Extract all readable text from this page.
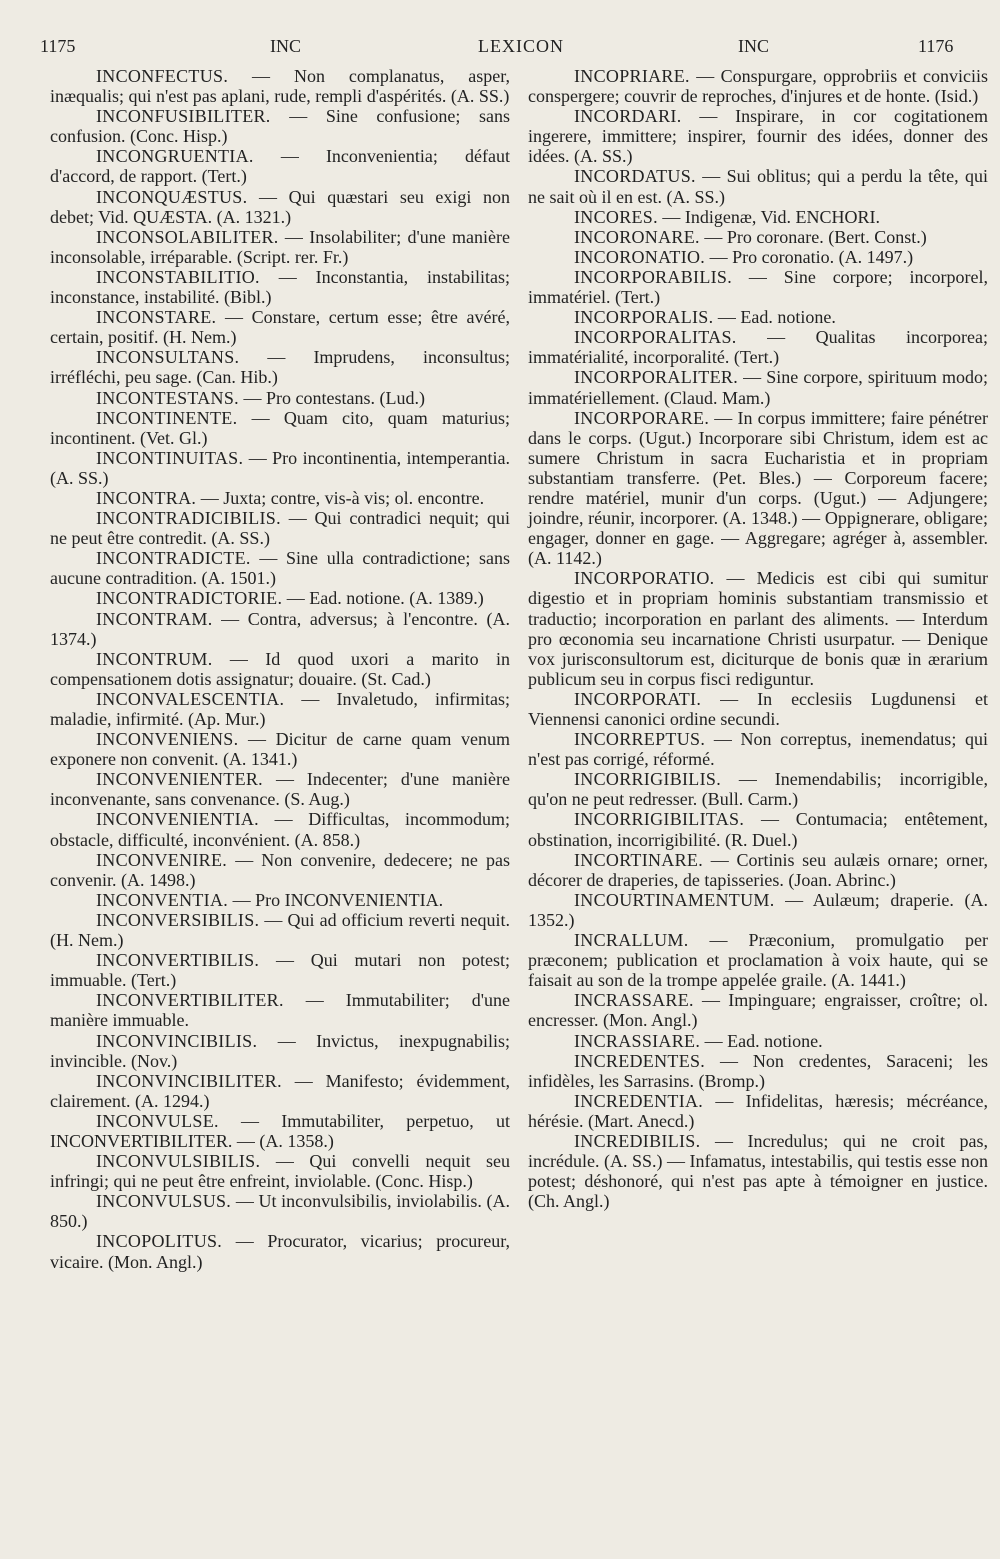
1175	INC	LEXICON	INC	1176

INCONFECTUS. — Non complanatus, asper, inæqualis; qui n'est pas aplani, rude, rempli d'aspérités. (A. SS.)

INCONFUSIBILITER. — Sine confusione; sans confusion. (Conc. Hisp.)

INCONGRUENTIA. — Inconvenientia; défaut d'accord, de rapport. (Tert.)

INCONQUÆSTUS. — Qui quæstari seu exigi non debet; Vid. QUÆSTA. (A. 1321.)

INCONSOLABILITER. — Insolabiliter; d'une manière inconsolable, irréparable. (Script. rer. Fr.)

INCONSTABILITIO. — Inconstantia, instabilitas; inconstance, instabilité. (Bibl.)

INCONSTARE. — Constare, certum esse; être avéré, certain, positif. (H. Nem.)

INCONSULTANS. — Imprudens, inconsultus; irréfléchi, peu sage. (Can. Hib.)

INCONTESTANS. — Pro contestans. (Lud.)

INCONTINENTE. — Quam cito, quam maturius; incontinent. (Vet. Gl.)

INCONTINUITAS. — Pro incontinentia, intemperantia. (A. SS.)

INCONTRA. — Juxta; contre, vis-à vis; ol. encontre.

INCONTRADICIBILIS. — Qui contradici nequit; qui ne peut être contredit. (A. SS.)

INCONTRADICTE. — Sine ulla contradictione; sans aucune contradition. (A. 1501.)

INCONTRADICTORIE. — Ead. notione. (A. 1389.)

INCONTRAM. — Contra, adversus; à l'encontre. (A. 1374.)

INCONTRUM. — Id quod uxori a marito in compensationem dotis assignatur; douaire. (St. Cad.)

INCONVALESCENTIA. — Invaletudo, infirmitas; maladie, infirmité. (Ap. Mur.)

INCONVENIENS. — Dicitur de carne quam venum exponere non convenit. (A. 1341.)

INCONVENIENTER. — Indecenter; d'une manière inconvenante, sans convenance. (S. Aug.)

INCONVENIENTIA. — Difficultas, incommodum; obstacle, difficulté, inconvénient. (A. 858.)

INCONVENIRE. — Non convenire, dedecere; ne pas convenir. (A. 1498.)

INCONVENTIA. — Pro INCONVENIENTIA.

INCONVERSIBILIS. — Qui ad officium reverti nequit. (H. Nem.)

INCONVERTIBILIS. — Qui mutari non potest; immuable. (Tert.)

INCONVERTIBILITER. — Immutabiliter; d'une manière immuable.

INCONVINCIBILIS. — Invictus, inexpugnabilis; invincible. (Nov.)

INCONVINCIBILITER. — Manifesto; évidemment, clairement. (A. 1294.)

INCONVULSE. — Immutabiliter, perpetuo, ut INCONVERTIBILITER. — (A. 1358.)

INCONVULSIBILIS. — Qui convelli nequit seu infringi; qui ne peut être enfreint, inviolable. (Conc. Hisp.)

INCONVULSUS. — Ut inconvulsibilis, inviolabilis. (A. 850.)

INCOPOLITUS. — Procurator, vicarius; procureur, vicaire. (Mon. Angl.)

INCOPRIARE. — Conspurgare, opprobriis et conviciis conspergere; couvrir de reproches, d'injures et de honte. (Isid.)

INCORDARI. — Inspirare, in cor cogitationem ingerere, immittere; inspirer, fournir des idées, donner des idées. (A. SS.)

INCORDATUS. — Sui oblitus; qui a perdu la tête, qui ne sait où il en est. (A. SS.)

INCORES. — Indigenæ, Vid. ENCHORI.

INCORONARE. — Pro coronare. (Bert. Const.)

INCORONATIO. — Pro coronatio. (A. 1497.)

INCORPORABILIS. — Sine corpore; incorporel, immatériel. (Tert.)

INCORPORALIS. — Ead. notione.

INCORPORALITAS. — Qualitas incorporea; immatérialité, incorporalité. (Tert.)

INCORPORALITER. — Sine corpore, spirituum modo; immatériellement. (Claud. Mam.)

INCORPORARE. — In corpus immittere; faire pénétrer dans le corps. (Ugut.) Incorporare sibi Christum, idem est ac sumere Christum in sacra Eucharistia et in propriam substantiam transferre. (Pet. Bles.) — Corporeum facere; rendre matériel, munir d'un corps. (Ugut.) — Adjungere; joindre, réunir, incorporer. (A. 1348.) — Oppignerare, obligare; engager, donner en gage. — Aggregare; agréger à, assembler. (A. 1142.)

INCORPORATIO. — Medicis est cibi qui sumitur digestio et in propriam hominis substantiam transmissio et traductio; incorporation en parlant des aliments. — Interdum pro œconomia seu incarnatione Christi usurpatur. — Denique vox jurisconsultorum est, diciturque de bonis quæ in ærarium publicum seu in corpus fisci rediguntur.

INCORPORATI. — In ecclesiis Lugdunensi et Viennensi canonici ordine secundi.

INCORREPTUS. — Non correptus, inemendatus; qui n'est pas corrigé, réformé.

INCORRIGIBILIS. — Inemendabilis; incorrigible, qu'on ne peut redresser. (Bull. Carm.)

INCORRIGIBILITAS. — Contumacia; entêtement, obstination, incorrigibilité. (R. Duel.)

INCORTINARE. — Cortinis seu aulæis ornare; orner, décorer de draperies, de tapisseries. (Joan. Abrinc.)

INCOURTINAMENTUM. — Aulæum; draperie. (A. 1352.)

INCRALLUM. — Præconium, promulgatio per præconem; publication et proclamation à voix haute, qui se faisait au son de la trompe appelée graile. (A. 1441.)

INCRASSARE. — Impinguare; engraisser, croître; ol. encresser. (Mon. Angl.)

INCRASSIARE. — Ead. notione.

INCREDENTES. — Non credentes, Saraceni; les infidèles, les Sarrasins. (Bromp.)

INCREDENTIA. — Infidelitas, hæresis; mécréance, hérésie. (Mart. Anecd.)

INCREDIBILIS. — Incredulus; qui ne croit pas, incrédule. (A. SS.) — Infamatus, intestabilis, qui testis esse non potest; déshonoré, qui n'est pas apte à témoigner en justice. (Ch. Angl.)
